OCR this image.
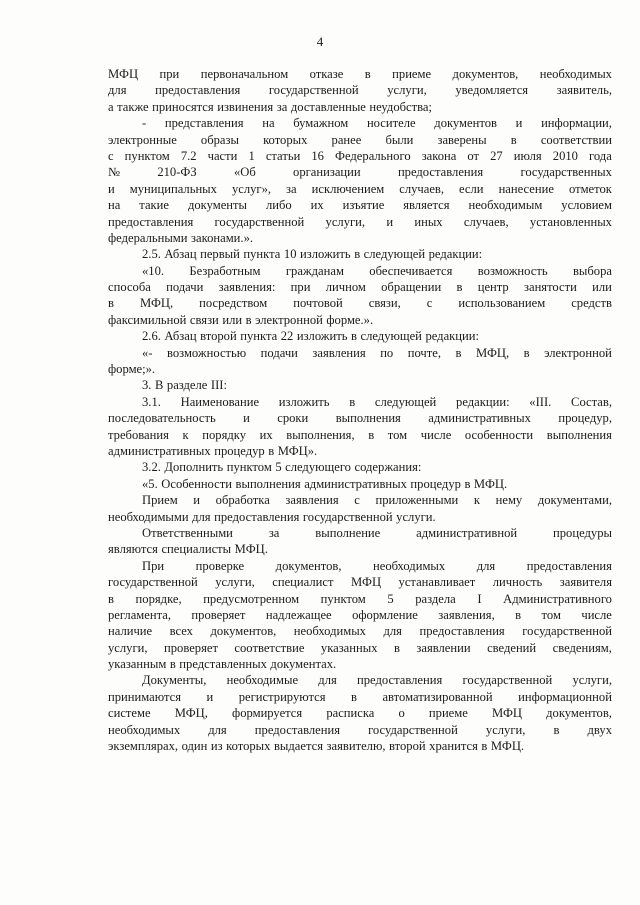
4
МФЦ при первоначальном отказе в приеме документов, необходимых
для предоставления государственной услуги, уведомляется заявитель,
а также приносятся извинения за доставленные неудобства;
- представления на бумажном носителе документов и информации,
электронные образы которых ранее были заверены в соответствии
с пунктом 7.2 части 1 статьи 16 Федерального закона от 27 июля 2010 года
№	210-ФЗ	«Об	организации	предоставления	государственных
и муниципальных услуг», за исключением случаев, если нанесение отметок
на такие документы либо их изъятие является необходимым условием
предоставления государственной услуги, и иных случаев, установленных
федеральными законами.».
2.5. Абзац первый пункта 10 изложить в следующей редакции:
«10. Безработным гражданам обеспечивается возможность выбора
способа подачи заявления: при личном обращении в центр занятости или
в МФЦ, посредством почтовой связи, с использованием средств
факсимильной связи или в электронной форме.».
2.6. Абзац второй пункта 22 изложить в следующей редакции:
«- возможностью подачи заявления по почте, в МФЦ, в электронной
форме;».
3. В разделе III:
3.1. Наименование изложить в следующей редакции: «III. Состав,
последовательность и сроки выполнения административных процедур,
требования к порядку их выполнения, в том числе особенности выполнения
административных процедур в МФЦ».
3.2. Дополнить пунктом 5 следующего содержания:
«5. Особенности выполнения административных процедур в МФЦ.
Прием и обработка заявления с приложенными к нему документами,
необходимыми для предоставления государственной услуги.
Ответственными	за	выполнение	административной	процедуры
являются специалисты МФЦ.
При	проверке	документов,	необходимых	для	предоставления
государственной услуги, специалист МФЦ устанавливает личность заявителя
в порядке, предусмотренном пунктом 5 раздела I Административного
регламента, проверяет надлежащее оформление заявления, в том числе
наличие всех документов, необходимых для предоставления государственной
услуги, проверяет соответствие указанных в заявлении сведений сведениям,
указанным в представленных документах.
Документы, необходимые для предоставления государственной услуги,
принимаются и регистрируются в автоматизированной информационной
системе МФЦ, формируется расписка о приеме МФЦ документов,
необходимых для предоставления государственной услуги, в двух
экземплярах, один из которых выдается заявителю, второй хранится в МФЦ.
